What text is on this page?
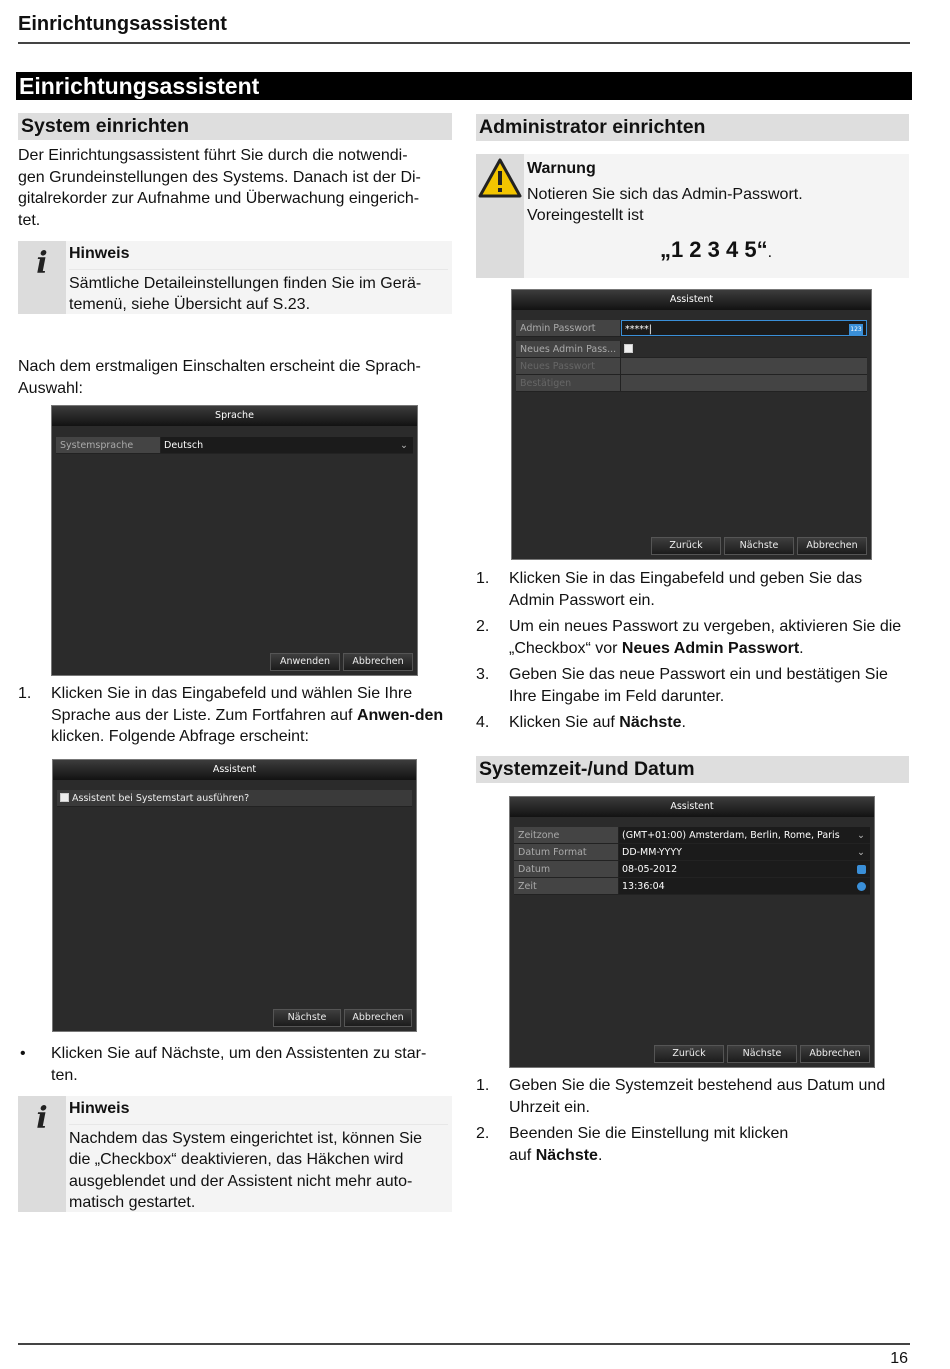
Einrichtungsassistent
Einrichtungsassistent
System einrichten
Der Einrichtungsassistent führt Sie durch die notwendi-
gen Grundeinstellungen des Systems. Danach ist der Di-
gitalrekorder zur Aufnahme und Überwachung eingerich-
tet.
i Hinweis
Sämtliche Detaileinstellungen finden Sie im Gerä-
temenü, siehe Übersicht auf S.23.
Nach dem erstmaligen Einschalten erscheint die Sprach-
Auswahl:
Sprache
Systemsprache	Deutsch	⌄
Anwenden	Abbrechen
1.	Klicken Sie in das Eingabefeld und wählen Sie Ihre Sprache aus der Liste. Zum Fortfahren auf Anwen-den klicken. Folgende Abfrage erscheint:
Assistent
Assistent bei Systemstart ausführen?
Nächste	Abbrechen
•	Klicken Sie auf Nächste, um den Assistenten zu star-
ten.
i Hinweis
Nachdem das System eingerichtet ist, können Sie
die „Checkbox“ deaktivieren, das Häkchen wird
ausgeblendet und der Assistent nicht mehr auto-
matisch gestartet.
Administrator einrichten
Warnung
Notieren Sie sich das Admin-Passwort.
Voreingestellt ist
„1 2 3 4 5“.
Assistent
Admin Passwort	*****|	123
Neues Admin Pass...
Neues Passwort
Bestätigen
Zurück	Nächste	Abbrechen
1.	Klicken Sie in das Eingabefeld und geben Sie das Admin Passwort ein.
2.	Um ein neues Passwort zu vergeben, aktivieren Sie die „Checkbox“ vor Neues Admin Passwort.
3.	Geben Sie das neue Passwort ein und bestätigen Sie Ihre Eingabe im Feld darunter.
4.	Klicken Sie auf Nächste.
Systemzeit-/und Datum
Assistent
Zeitzone	(GMT+01:00) Amsterdam, Berlin, Rome, Paris ⌄
Datum Format	DD-MM-YYYY	⌄
Datum	08-05-2012
Zeit	13:36:04
Zurück	Nächste	Abbrechen
1.	Geben Sie die Systemzeit bestehend aus Datum und Uhrzeit ein.
2.	Beenden Sie die Einstellung mit klicken auf Nächste.
16
